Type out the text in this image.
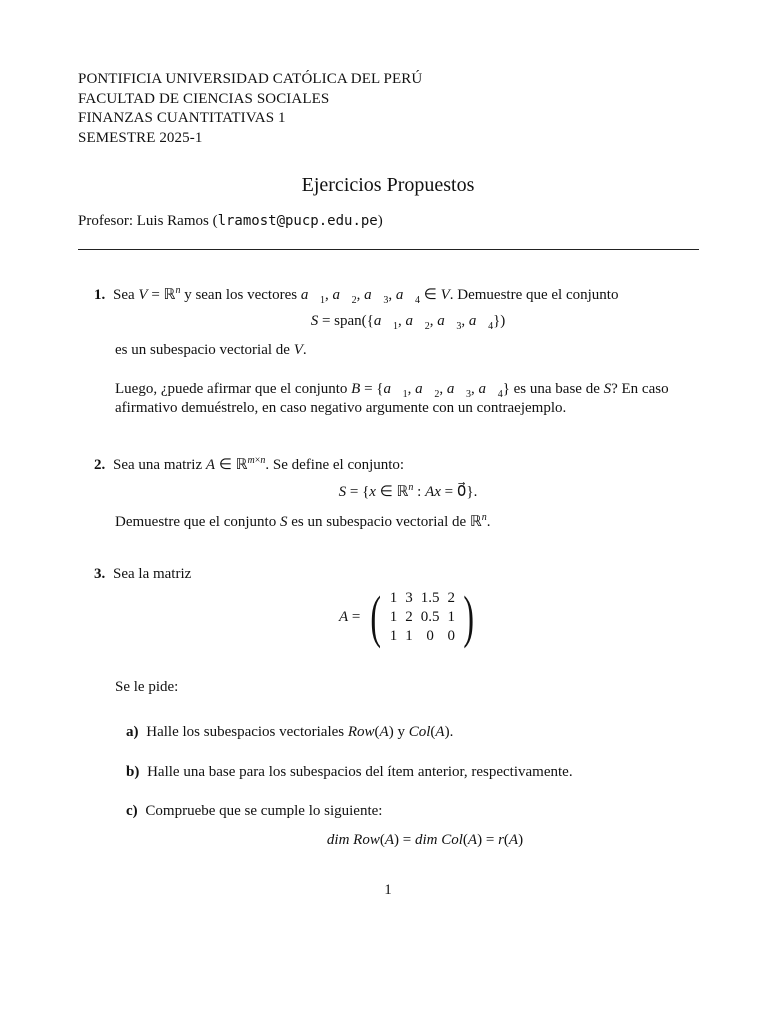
PONTIFICIA UNIVERSIDAD CATÓLICA DEL PERÚ
FACULTAD DE CIENCIAS SOCIALES
FINANZAS CUANTITATIVAS 1
SEMESTRE 2025-1
Ejercicios Propuestos
Profesor: Luis Ramos (lramost@pucp.edu.pe)
1. Sea V = ℝ$^n$ y sean los vectores $a⃗_1$, $a⃗_2$, $a⃗_3$, $a⃗_4$ ∈ V. Demuestre que el conjunto
$S = span(\{a⃗_1$, $a⃗_2$, $a⃗_3$, $a⃗_4$})
es un subespacio vectorial de V.
Luego, ¿puede afirmar que el conjunto $B = \{a⃗_1$, $a⃗_2$, $a⃗_3$, $a⃗_4$} es una base de S? En caso
afirmativo demuéstrelo, en caso negativo argumente con un contraejemplo.
2. Sea una matriz A ∈ ℝ$^{m\times n}$. Se define el conjunto:
S = {x ∈ ℝ$^n$ : Ax = 0⃗}.
Demuestre que el conjunto S es un subespacio vectorial de ℝ$^n$.
3. Sea la matriz
A = ( 1	3	1.5	2
1	2	0.5	1
1	1	0	0 )
Se le pide:
a) Halle los subespacios vectoriales Row(A) y Col(A).
b) Halle una base para los subespacios del ítem anterior, respectivamente.
c) Compruebe que se cumple lo siguiente:
dim Row(A) = dim Col(A) = r(A)
1
